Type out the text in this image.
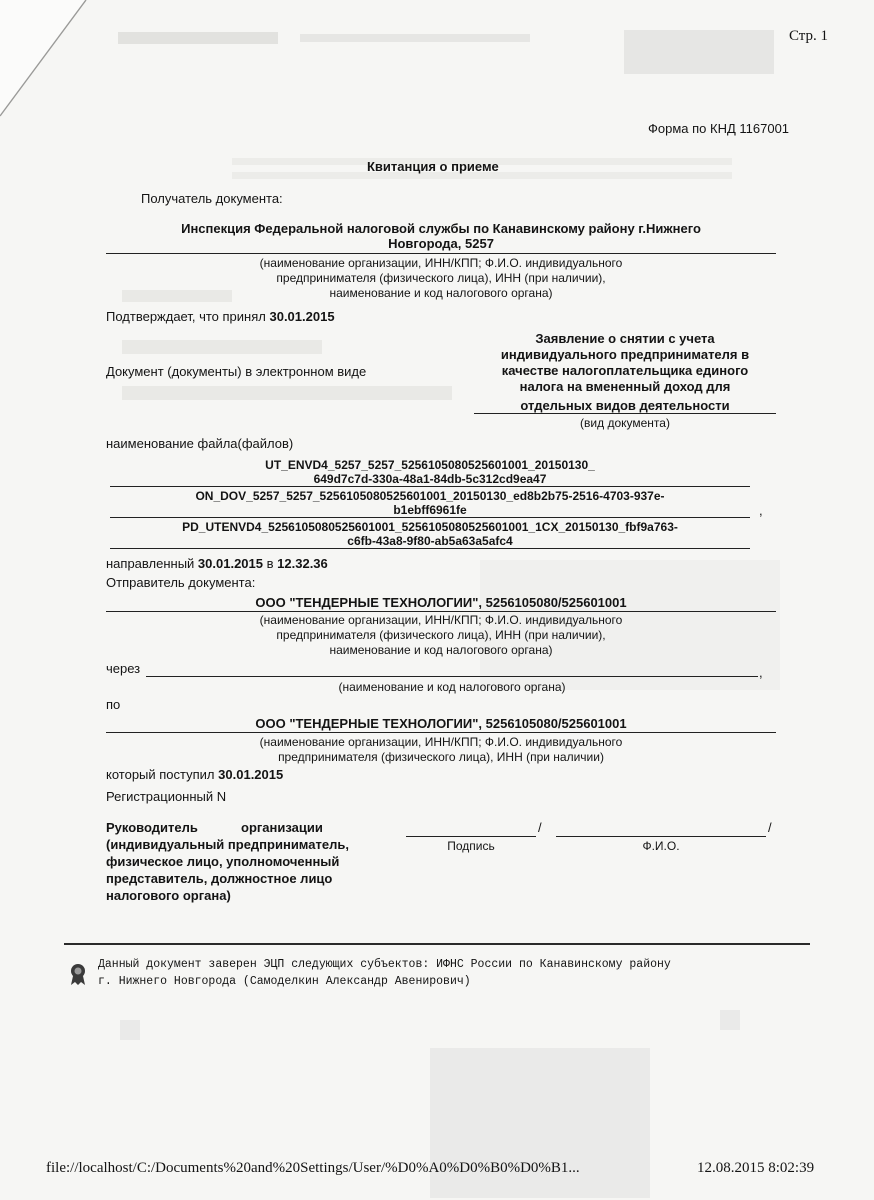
Стр. 1
Форма по КНД 1167001
Квитанция о приеме
Получатель документа:
Инспекция Федеральной налоговой службы по Канавинскому району г.Нижнего
Новгорода, 5257
(наименование организации, ИНН/КПП; Ф.И.О. индивидуального
предпринимателя (физического лица), ИНН (при наличии),
наименование и код налогового органа)
Подтверждает, что принял 30.01.2015
Документ (документы) в электронном виде
Заявление о снятии с учета
индивидуального предпринимателя в
качестве налогоплательщика единого
налога на вмененный доход для
отдельных видов деятельности
(вид документа)
наименование файла(файлов)
UT_ENVD4_5257_5257_5256105080525601001_20150130_
649d7c7d-330a-48a1-84db-5c312cd9ea47
ON_DOV_5257_5257_5256105080525601001_20150130_ed8b2b75-2516-4703-937e-
b1ebff6961fe	,
PD_UTENVD4_5256105080525601001_5256105080525601001_1CX_20150130_fbf9a763-
c6fb-43a8-9f80-ab5a63a5afc4
направленный 30.01.2015 в 12.32.36
Отправитель документа:
ООО "ТЕНДЕРНЫЕ ТЕХНОЛОГИИ", 5256105080/525601001
(наименование организации, ИНН/КПП; Ф.И.О. индивидуального
предпринимателя (физического лица), ИНН (при наличии),
наименование и код налогового органа)
через	,
(наименование и код налогового органа)
по
ООО "ТЕНДЕРНЫЕ ТЕХНОЛОГИИ", 5256105080/525601001
(наименование организации, ИНН/КПП; Ф.И.О. индивидуального
предпринимателя (физического лица), ИНН (при наличии)
который поступил 30.01.2015
Регистрационный N
Руководитель	организации
(индивидуальный предприниматель,
физическое лицо, уполномоченный
представитель, должностное лицо
налогового органа)
/	/
Подпись	Ф.И.О.
Данный документ заверен ЭЦП следующих субъектов: ИФНС России по Канавинскому району
г. Нижнего Новгорода (Самоделкин Александр Авенирович)
file://localhost/C:/Documents%20and%20Settings/User/%D0%A0%D0%B0%D0%B1...	12.08.2015 8:02:39
